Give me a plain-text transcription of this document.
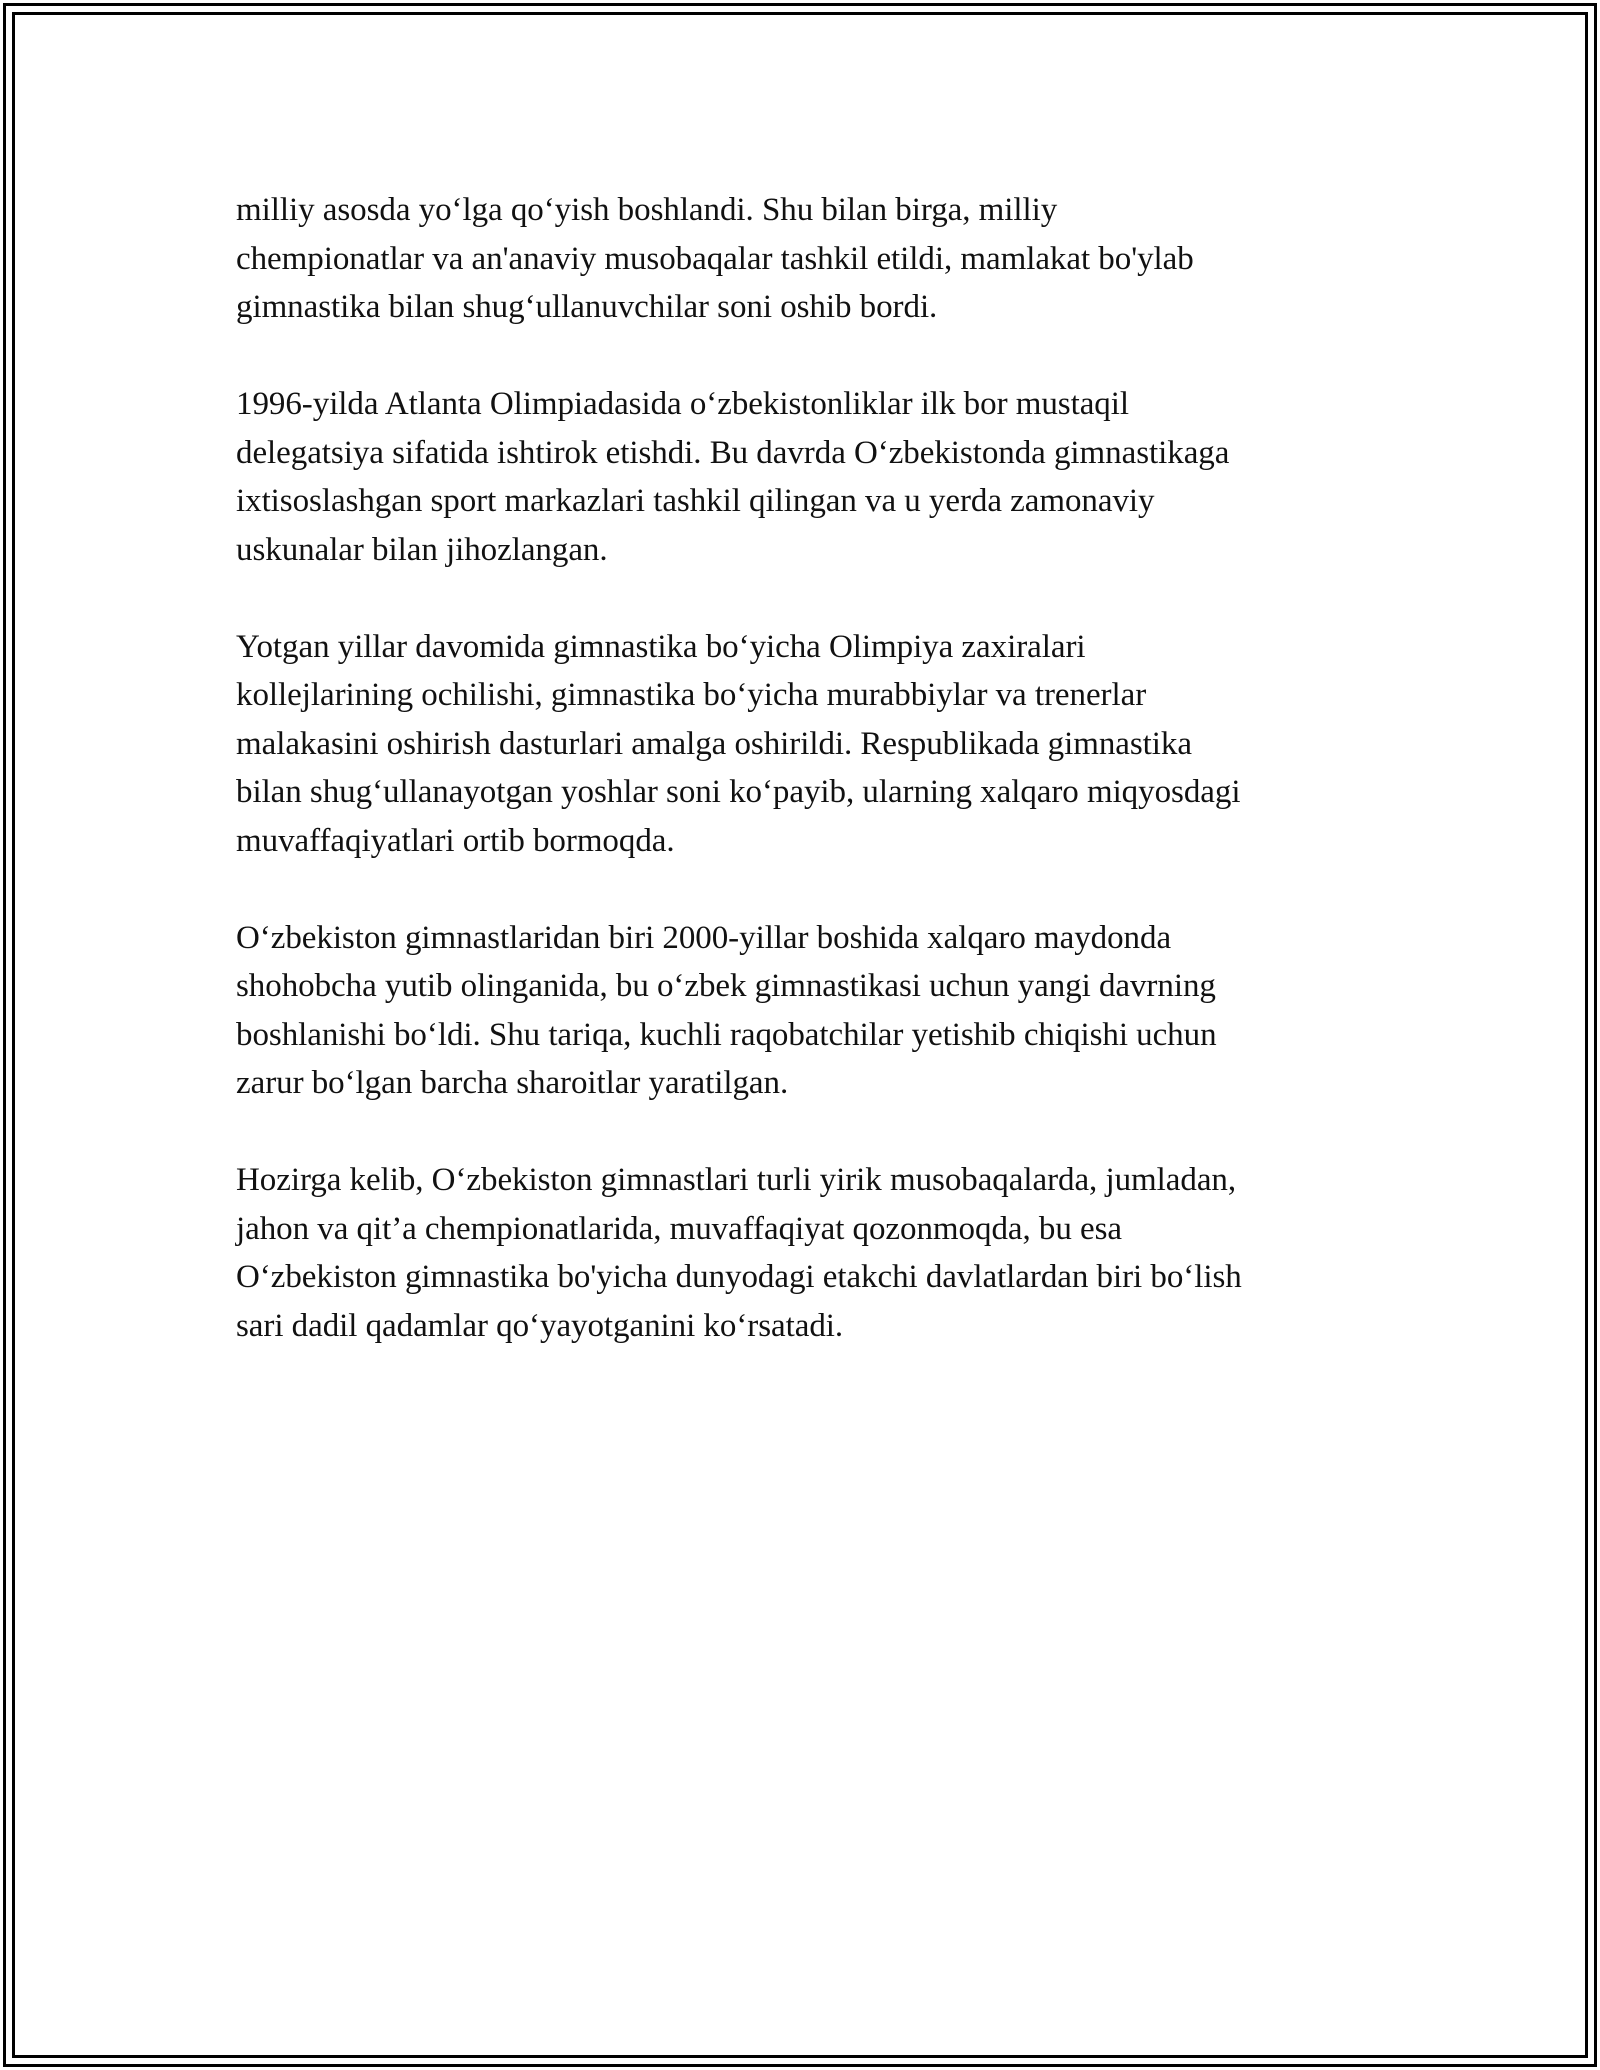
milliy asosda yo‘lga qo‘yish boshlandi. Shu bilan birga, milliy
chempionatlar va an'anaviy musobaqalar tashkil etildi, mamlakat bo'ylab
gimnastika bilan shug‘ullanuvchilar soni oshib bordi.

1996-yilda Atlanta Olimpiadasida o‘zbekistonliklar ilk bor mustaqil
delegatsiya sifatida ishtirok etishdi. Bu davrda O‘zbekistonda gimnastikaga
ixtisoslashgan sport markazlari tashkil qilingan va u yerda zamonaviy
uskunalar bilan jihozlangan.

Yotgan yillar davomida gimnastika bo‘yicha Olimpiya zaxiralari
kollejlarining ochilishi, gimnastika bo‘yicha murabbiylar va trenerlar
malakasini oshirish dasturlari amalga oshirildi. Respublikada gimnastika
bilan shug‘ullanayotgan yoshlar soni ko‘payib, ularning xalqaro miqyosdagi
muvaffaqiyatlari ortib bormoqda.

O‘zbekiston gimnastlaridan biri 2000-yillar boshida xalqaro maydonda
shohobcha yutib olinganida, bu o‘zbek gimnastikasi uchun yangi davrning
boshlanishi bo‘ldi. Shu tariqa, kuchli raqobatchilar yetishib chiqishi uchun
zarur bo‘lgan barcha sharoitlar yaratilgan.

Hozirga kelib, O‘zbekiston gimnastlari turli yirik musobaqalarda, jumladan,
jahon va qit’a chempionatlarida, muvaffaqiyat qozonmoqda, bu esa
O‘zbekiston gimnastika bo'yicha dunyodagi etakchi davlatlardan biri bo‘lish
sari dadil qadamlar qo‘yayotganini ko‘rsatadi.
